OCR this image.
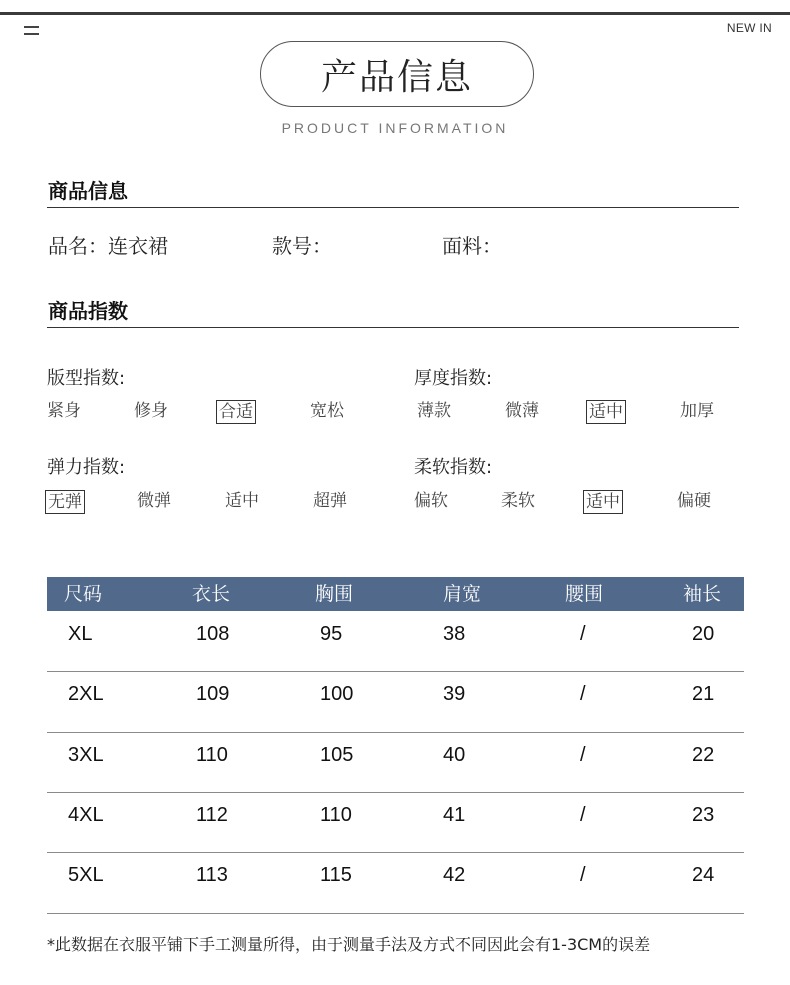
NEW IN
产品信息
PRODUCT INFORMATION
商品信息
品名：连衣裙	款号：	面料：
商品指数
版型指数:
紧身	修身	合适	宽松
厚度指数:
薄款	微薄	适中	加厚
弹力指数:
无弹	微弹	适中	超弹
柔软指数:
偏软	柔软	适中	偏硬
尺码	衣长	胸围	肩宽	腰围	袖长
XL	108	95	38	/	20
2XL	109	100	39	/	21
3XL	110	105	40	/	22
4XL	112	110	41	/	23
5XL	113	115	42	/	24
*此数据在衣服平铺下手工测量所得，由于测量手法及方式不同因此会有1-3CM的误差
